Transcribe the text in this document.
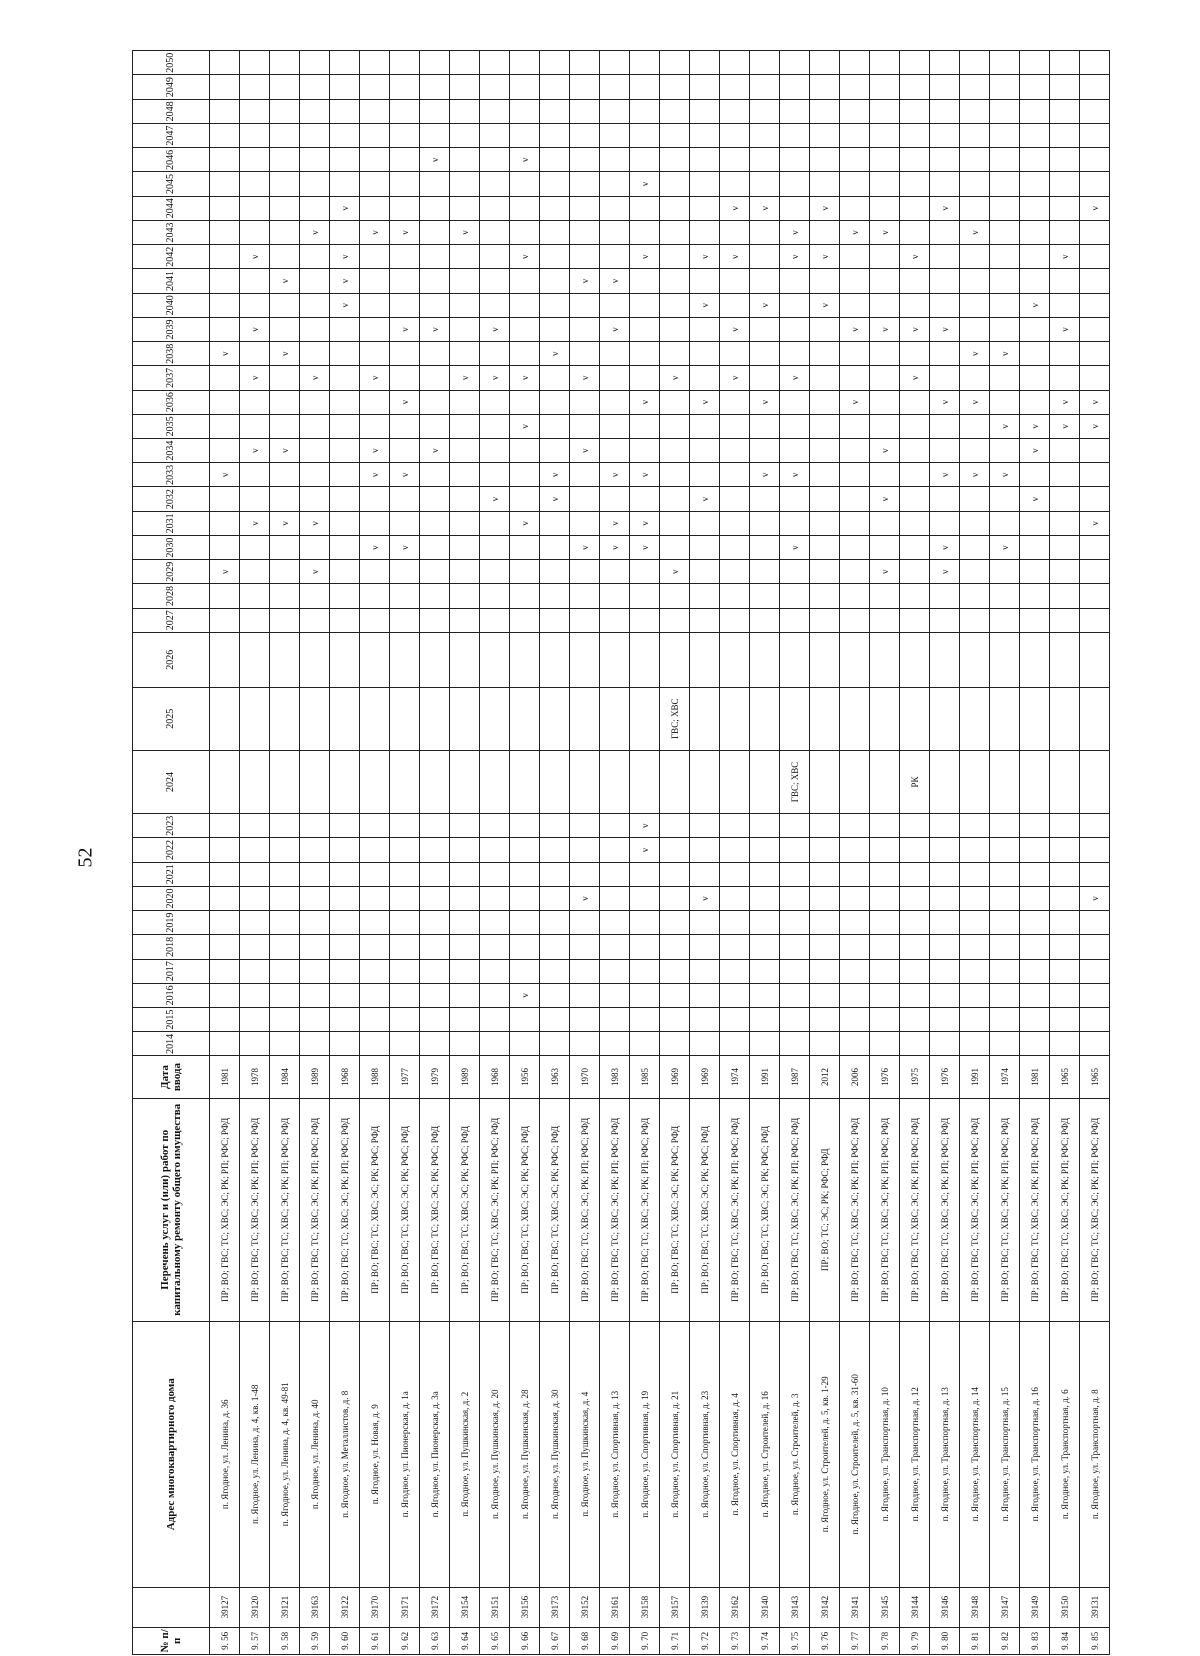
52
№ п/п		Адрес многоквартирного дома	Перечень услуг и (или) работ по капитальному ремонту общего имущества	Дата ввода	2014	2015	2016	2017	2018	2019	2020	2021	2022	2023	2024	2025	2026	2027	2028	2029	2030	2031	2032	2033	2034	2035	2036	2037	2038	2039	2040	2041	2042	2043	2044	2045	2046	2047	2048	2049	2050
9. 56	39127	п. Ягодное, ул. Ленина, д. 36	ПР; ВО; ГВС; ТС; ХВС; ЭС; РК; РП; РФС; РФД	1981																v				v					v												
9. 57	39120	п. Ягодное, ул. Ленина, д. 4, кв. 1-48	ПР; ВО; ГВС; ТС; ХВС; ЭС; РК; РП; РФС; РФД	1978																		v			v			v		v			v								
9. 58	39121	п. Ягодное, ул. Ленина, д. 4, кв. 49-81	ПР; ВО; ГВС; ТС; ХВС; ЭС; РК; РП; РФС; РФД	1984																		v			v				v			v									
9. 59	39163	п. Ягодное, ул. Ленина, д. 40	ПР; ВО; ГВС; ТС; ХВС; ЭС; РК; РП; РФС; РФД	1989																v		v						v						v							
9. 60	39122	п. Ягодное, ул. Металлистов, д. 8	ПР; ВО; ГВС; ТС; ХВС; ЭС; РК; РП; РФС; РФД	1968																											v	v	v		v						
9. 61	39170	п. Ягодное, ул. Новая, д. 9	ПР; ВО; ГВС; ТС; ХВС; ЭС; РК; РФС; РФД	1988																	v			v	v			v						v							
9. 62	39171	п. Ягодное, ул. Пионерская, д. 1а	ПР; ВО; ГВС; ТС; ХВС; ЭС; РК; РФС; РФД	1977																	v			v			v			v				v							
9. 63	39172	п. Ягодное, ул. Пионерская, д. 3а	ПР; ВО; ГВС; ТС; ХВС; ЭС; РК; РФС; РФД	1979																					v					v							v				
9. 64	39154	п. Ягодное, ул. Пушкинская, д. 2	ПР; ВО; ГВС; ТС; ХВС; ЭС; РК; РФС; РФД	1989																								v						v							
9. 65	39151	п. Ягодное, ул. Пушкинская, д. 20	ПР; ВО; ГВС; ТС; ХВС; ЭС; РК; РП; РФС; РФД	1968																			v					v		v											
9. 66	39156	п. Ягодное, ул. Пушкинская, д. 28	ПР; ВО; ГВС; ТС; ХВС; ЭС; РК; РФС; РФД	1956			v															v				v		v					v				v				
9. 67	39173	п. Ягодное, ул. Пушкинская, д. 30	ПР; ВО; ГВС; ТС; ХВС; ЭС; РК; РФС; РФД	1963																			v	v					v												
9. 68	39152	п. Ягодное, ул. Пушкинская, д. 4	ПР; ВО; ГВС; ТС; ХВС; ЭС; РК; РП; РФС; РФД	1970							v										v				v			v				v									
9. 69	39161	п. Ягодное, ул. Спортивная, д. 13	ПР; ВО; ГВС; ТС; ХВС; ЭС; РК; РП; РФС; РФД	1983																	v	v		v						v		v									
9. 70	39158	п. Ягодное, ул. Спортивная, д. 19	ПР; ВО; ГВС; ТС; ХВС; ЭС; РК; РП; РФС; РФД	1985									v	v							v	v		v			v						v			v					
9. 71	39157	п. Ягодное, ул. Спортивная, д. 21	ПР; ВО; ГВС; ТС; ХВС; ЭС; РК; РФС; РФД	1969												ГВС; ХВС				v								v													
9. 72	39139	п. Ягодное, ул. Спортивная, д. 23	ПР; ВО; ГВС; ТС; ХВС; ЭС; РК; РФС; РФД	1969							v												v				v				v		v								
9. 73	39162	п. Ягодное, ул. Спортивная, д. 4	ПР; ВО; ГВС; ТС; ХВС; ЭС; РК; РП; РФС; РФД	1974																								v		v			v		v						
9. 74	39140	п. Ягодное, ул. Строителей, д. 16	ПР; ВО; ГВС; ТС; ХВС; ЭС; РК; РФС; РФД	1991																				v			v				v				v						
9. 75	39143	п. Ягодное, ул. Строителей, д. 3	ПР; ВО; ГВС; ТС; ХВС; ЭС; РК; РП; РФС; РФД	1987											ГВС; ХВС						v			v				v					v	v							
9. 76	39142	п. Ягодное, ул. Строителей, д. 5, кв. 1-29	ПР; ВО; ТС; ЭС; РК; РФС; РФД	2012																											v		v		v						
9. 77	39141	п. Ягодное, ул. Строителей, д. 5, кв. 31-60	ПР; ВО; ГВС; ТС; ХВС; ЭС; РК; РП; РФС; РФД	2006																							v			v				v							
9. 78	39145	п. Ягодное, ул. Транспортная, д. 10	ПР; ВО; ГВС; ТС; ХВС; ЭС; РК; РП; РФС; РФД	1976																v			v		v					v				v							
9. 79	39144	п. Ягодное, ул. Транспортная, д. 12	ПР; ВО; ГВС; ТС; ХВС; ЭС; РК; РП; РФС; РФД	1975											РК													v		v			v								
9. 80	39146	п. Ягодное, ул. Транспортная, д. 13	ПР; ВО; ГВС; ТС; ХВС; ЭС; РК; РП; РФС; РФД	1976																v	v			v			v			v					v						
9. 81	39148	п. Ягодное, ул. Транспортная, д. 14	ПР; ВО; ГВС; ТС; ХВС; ЭС; РК; РП; РФС; РФД	1991																				v			v		v					v							
9. 82	39147	п. Ягодное, ул. Транспортная, д. 15	ПР; ВО; ГВС; ТС; ХВС; ЭС; РК; РП; РФС; РФД	1974																	v			v		v			v												
9. 83	39149	п. Ягодное, ул. Транспортная, д. 16	ПР; ВО; ГВС; ТС; ХВС; ЭС; РК; РП; РФС; РФД	1981																			v		v	v					v										
9. 84	39150	п. Ягодное, ул. Транспортная, д. 6	ПР; ВО; ГВС; ТС; ХВС; ЭС; РК; РП; РФС; РФД	1965																						v	v			v			v								
9. 85	39131	п. Ягодное, ул. Транспортная, д. 8	ПР; ВО; ГВС; ТС; ХВС; ЭС; РК; РП; РФС; РФД	1965							v											v				v	v								v						
